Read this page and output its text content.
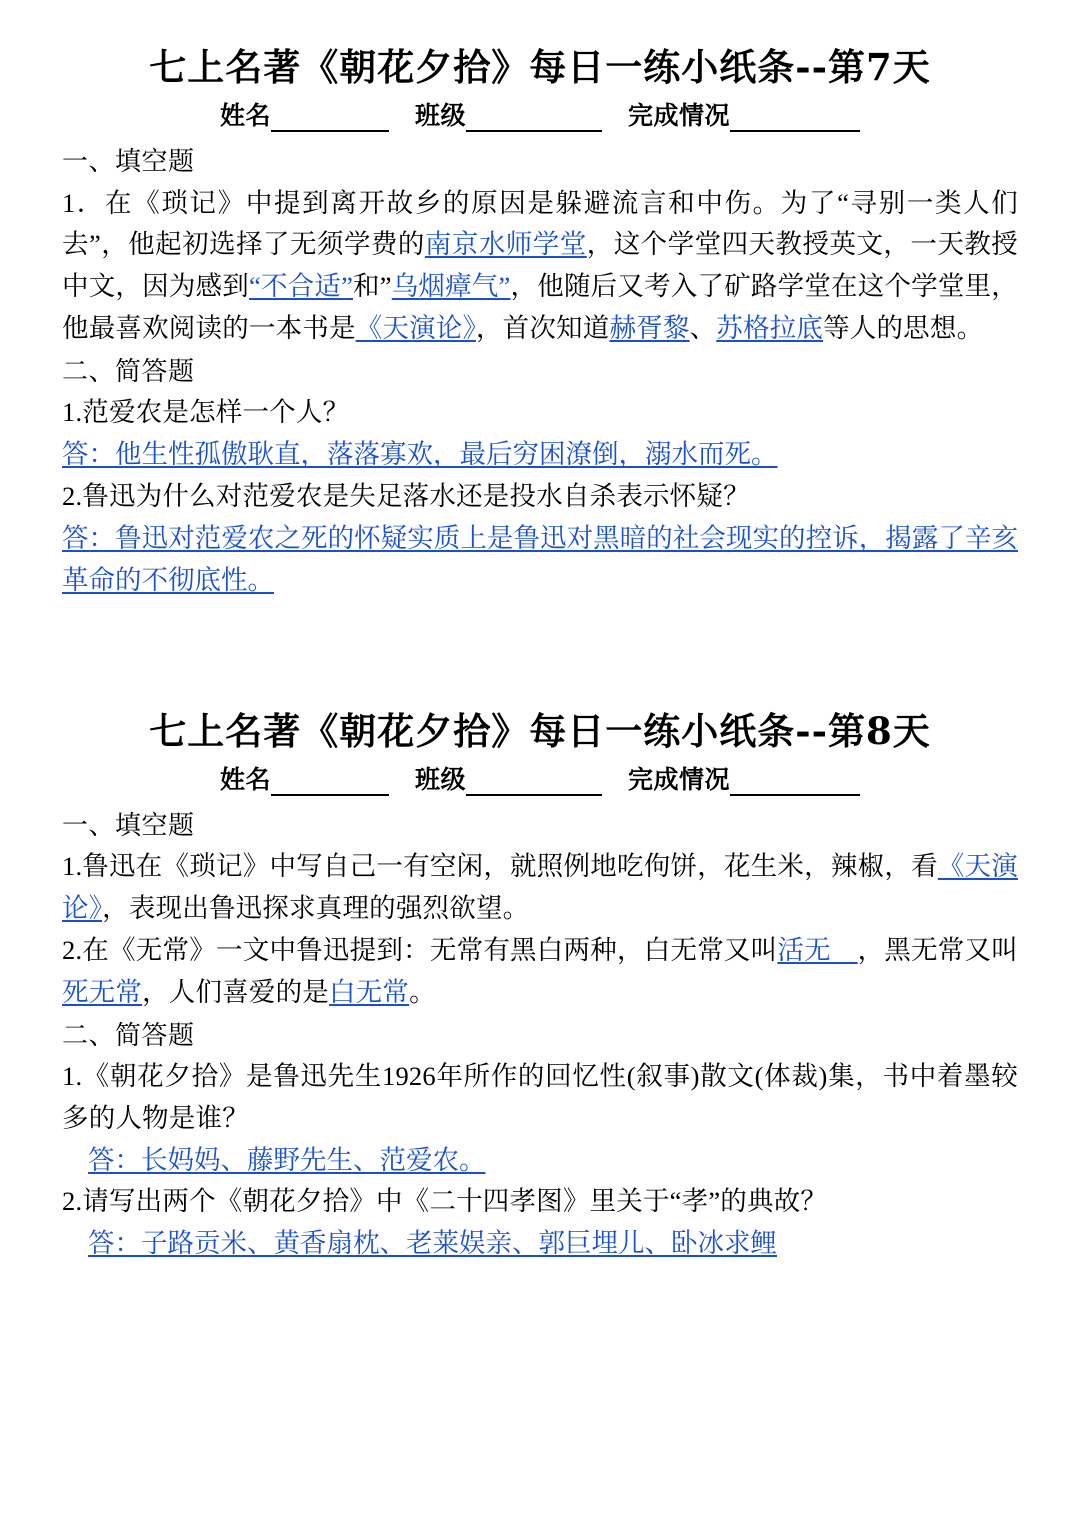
七上名著《朝花夕拾》每日一练小纸条--第7天
姓名	班级	完成情况

一、填空题

1．在《琐记》中提到离开故乡的原因是躲避流言和中伤。为了“寻别一类人们去”，他起初选择了无须学费的南京水师学堂，这个学堂四天教授英文，一天教授中文，因为感到“不合适”和”乌烟瘴气”，他随后又考入了矿路学堂在这个学堂里，他最喜欢阅读的一本书是《天演论》，首次知道赫胥黎、苏格拉底等人的思想。

二、简答题

1.范爱农是怎样一个人？

答：他生性孤傲耿直，落落寡欢，最后穷困潦倒，溺水而死。

2.鲁迅为什么对范爱农是失足落水还是投水自杀表示怀疑？

答：鲁迅对范爱农之死的怀疑实质上是鲁迅对黑暗的社会现实的控诉，揭露了辛亥革命的不彻底性。

七上名著《朝花夕拾》每日一练小纸条--第8天
姓名	班级	完成情况

一、填空题

1.鲁迅在《琐记》中写自己一有空闲，就照例地吃佝饼，花生米，辣椒，看《天演论》，表现出鲁迅探求真理的强烈欲望。

2.在《无常》一文中鲁迅提到：无常有黑白两种，白无常又叫活无　，黑无常又叫死无常，人们喜爱的是白无常。

二、简答题

1.《朝花夕拾》是鲁迅先生1926年所作的回忆性(叙事)散文(体裁)集，书中着墨较多的人物是谁？

答：长妈妈、藤野先生、范爱农。

2.请写出两个《朝花夕拾》中《二十四孝图》里关于“孝”的典故？

答：子路贡米、黄香扇枕、老莱娱亲、郭巨埋儿、卧冰求鲤
